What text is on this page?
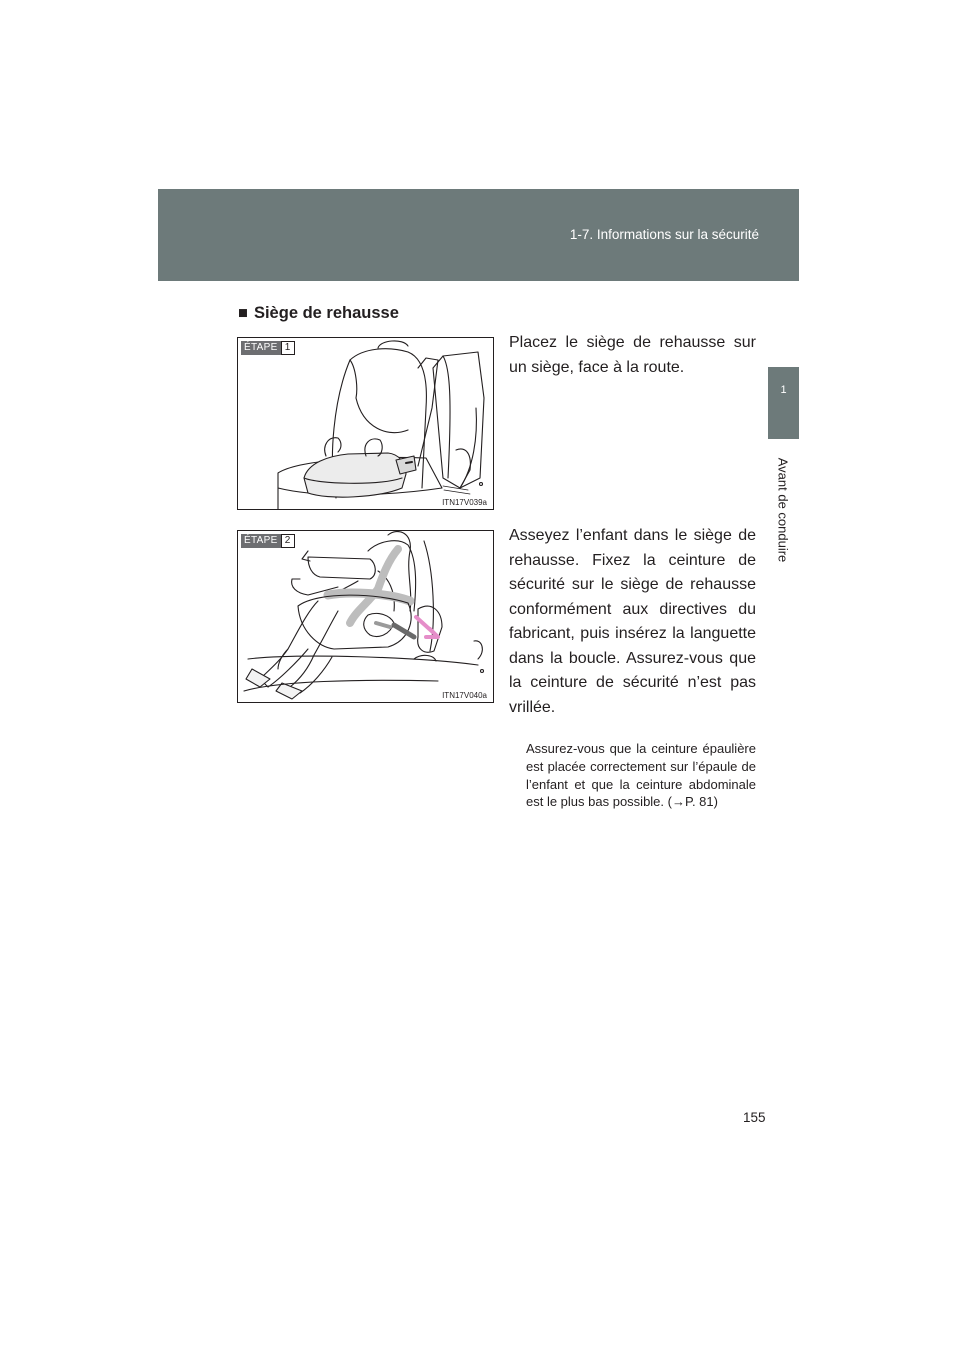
1-7. Informations sur la sécurité
1
Avant de conduire
■ Siège de rehausse
ÉTAPE 1
ITN17V039a
Placez le siège de rehausse sur un siège, face à la route.
ÉTAPE 2
ITN17V040a
Asseyez l’enfant dans le siège de rehausse. Fixez la ceinture de sécurité sur le siège de rehausse conformément aux directives du fabricant, puis insérez la languette dans la boucle. Assurez-vous que la ceinture de sécurité n’est pas vrillée.
Assurez-vous que la ceinture épaulière est placée correctement sur l’épaule de l’enfant et que la ceinture abdominale est le plus bas possible. (→P. 81)
155
